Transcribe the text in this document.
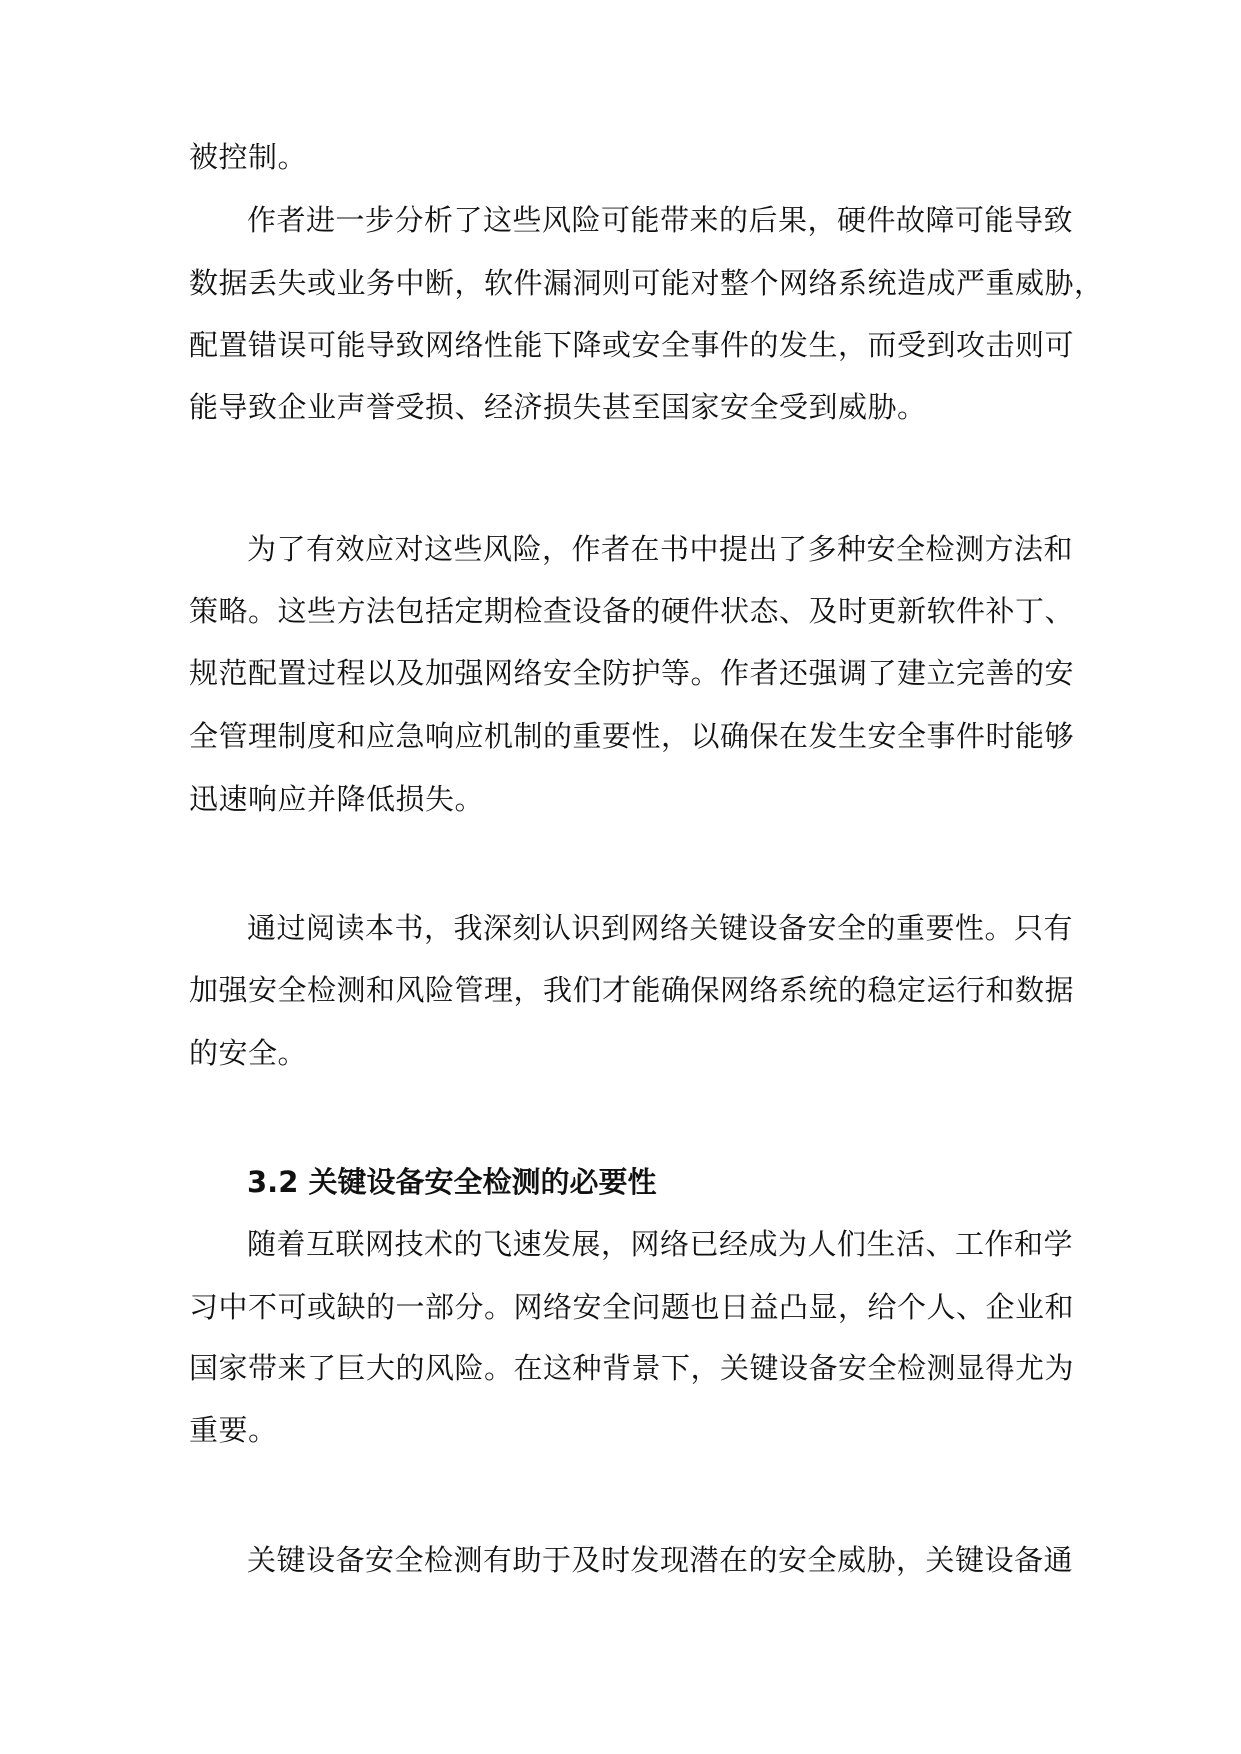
被控制。

作者进一步分析了这些风险可能带来的后果，硬件故障可能导致

数据丢失或业务中断，软件漏洞则可能对整个网络系统造成严重威胁，

配置错误可能导致网络性能下降或安全事件的发生，而受到攻击则可

能导致企业声誉受损、经济损失甚至国家安全受到威胁。

为了有效应对这些风险，作者在书中提出了多种安全检测方法和

策略。这些方法包括定期检查设备的硬件状态、及时更新软件补丁、

规范配置过程以及加强网络安全防护等。作者还强调了建立完善的安

全管理制度和应急响应机制的重要性，以确保在发生安全事件时能够

迅速响应并降低损失。

通过阅读本书，我深刻认识到网络关键设备安全的重要性。只有

加强安全检测和风险管理，我们才能确保网络系统的稳定运行和数据

的安全。

3.2 关键设备安全检测的必要性

随着互联网技术的飞速发展，网络已经成为人们生活、工作和学

习中不可或缺的一部分。网络安全问题也日益凸显，给个人、企业和

国家带来了巨大的风险。在这种背景下，关键设备安全检测显得尤为

重要。

关键设备安全检测有助于及时发现潜在的安全威胁，关键设备通
